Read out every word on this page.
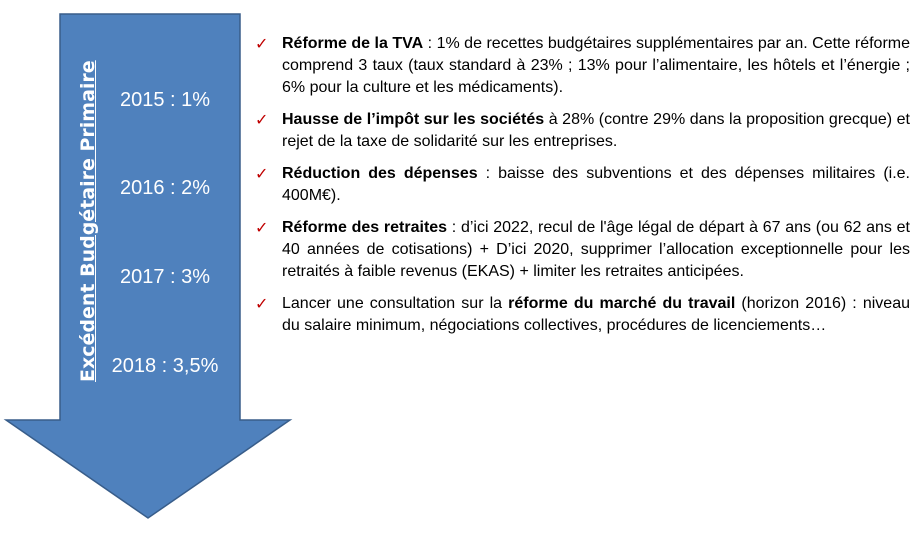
Excédent Budgétaire Primaire	2015 : 1%
2016 : 2%
2017 : 3%
2018 : 3,5%
✓ Réforme de la TVA : 1% de recettes budgétaires supplémentaires par an. Cette réforme comprend 3 taux (taux standard à 23% ; 13% pour l’alimentaire, les hôtels et l’énergie ; 6% pour la culture et les médicaments).
✓ Hausse de l’impôt sur les sociétés à 28% (contre 29% dans la proposition grecque) et rejet de la taxe de solidarité sur les entreprises.
✓ Réduction des dépenses : baisse des subventions et des dépenses militaires (i.e. 400M€).
✓ Réforme des retraites : d’ici 2022, recul de l'âge légal de départ à 67 ans (ou 62 ans et 40 années de cotisations) + D’ici 2020, supprimer l’allocation exceptionnelle pour les retraités à faible revenus (EKAS) + limiter les retraites anticipées.
✓ Lancer une consultation sur la réforme du marché du travail (horizon 2016) : niveau du salaire minimum, négociations collectives, procédures de licenciements…
